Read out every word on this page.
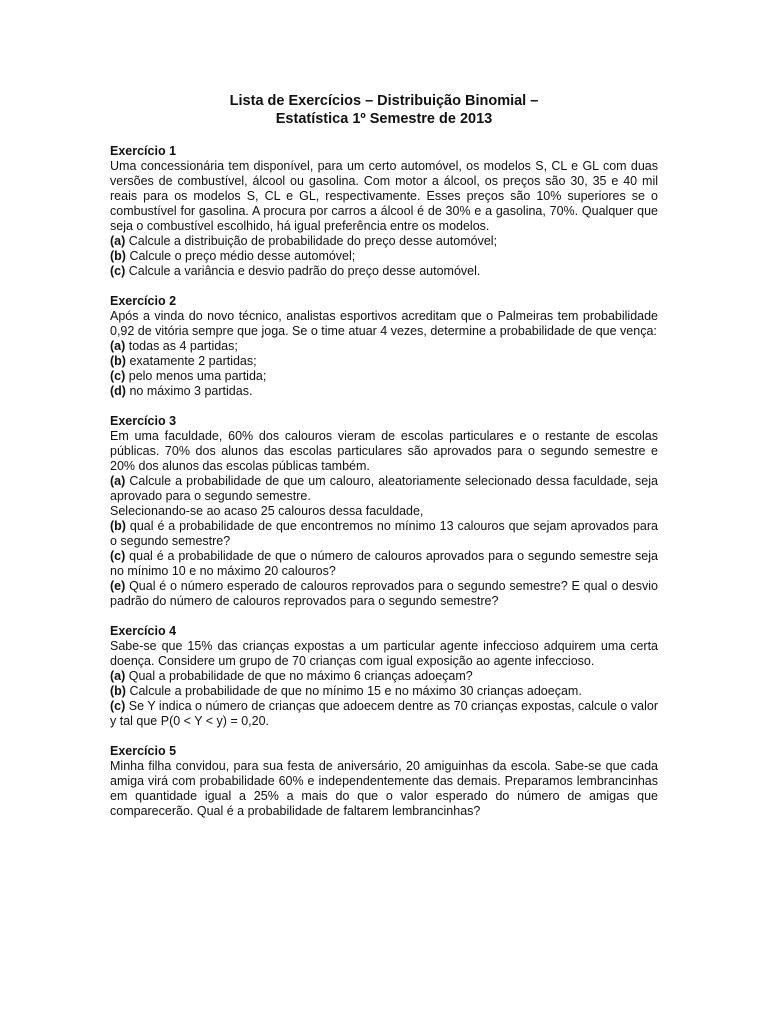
Lista de Exercícios – Distribuição Binomial –
Estatística 1º Semestre de 2013
Exercício 1
Uma concessionária tem disponível, para um certo automóvel, os modelos S, CL e GL com duas versões de combustível, álcool ou gasolina. Com motor a álcool, os preços são 30, 35 e 40 mil reais para os modelos S, CL e GL, respectivamente. Esses preços são 10% superiores se o combustível for gasolina. A procura por carros a álcool é de 30% e a gasolina, 70%. Qualquer que seja o combustível escolhido, há igual preferência entre os modelos.
(a) Calcule a distribuição de probabilidade do preço desse automóvel;
(b) Calcule o preço médio desse automóvel;
(c) Calcule a variância e desvio padrão do preço desse automóvel.
Exercício 2
Após a vinda do novo técnico, analistas esportivos acreditam que o Palmeiras tem probabilidade 0,92 de vitória sempre que joga. Se o time atuar 4 vezes, determine a probabilidade de que vença:
(a) todas as 4 partidas;
(b) exatamente 2 partidas;
(c) pelo menos uma partida;
(d) no máximo 3 partidas.
Exercício 3
Em uma faculdade, 60% dos calouros vieram de escolas particulares e o restante de escolas públicas. 70% dos alunos das escolas particulares são aprovados para o segundo semestre e 20% dos alunos das escolas públicas também.
(a) Calcule a probabilidade de que um calouro, aleatoriamente selecionado dessa faculdade, seja aprovado para o segundo semestre.
Selecionando-se ao acaso 25 calouros dessa faculdade,
(b) qual é a probabilidade de que encontremos no mínimo 13 calouros que sejam aprovados para o segundo semestre?
(c) qual é a probabilidade de que o número de calouros aprovados para o segundo semestre seja no mínimo 10 e no máximo 20 calouros?
(e) Qual é o número esperado de calouros reprovados para o segundo semestre? E qual o desvio padrão do número de calouros reprovados para o segundo semestre?
Exercício 4
Sabe-se que 15% das crianças expostas a um particular agente infeccioso adquirem uma certa doença. Considere um grupo de 70 crianças com igual exposição ao agente infeccioso.
(a) Qual a probabilidade de que no máximo 6 crianças adoeçam?
(b) Calcule a probabilidade de que no mínimo 15 e no máximo 30 crianças adoeçam.
(c) Se Y indica o número de crianças que adoecem dentre as 70 crianças expostas, calcule o valor y tal que P(0 < Y < y) = 0,20.
Exercício 5
Minha filha convidou, para sua festa de aniversário, 20 amiguinhas da escola. Sabe-se que cada amiga virá com probabilidade 60% e independentemente das demais. Preparamos lembrancinhas em quantidade igual a 25% a mais do que o valor esperado do número de amigas que comparecerão. Qual é a probabilidade de faltarem lembrancinhas?
